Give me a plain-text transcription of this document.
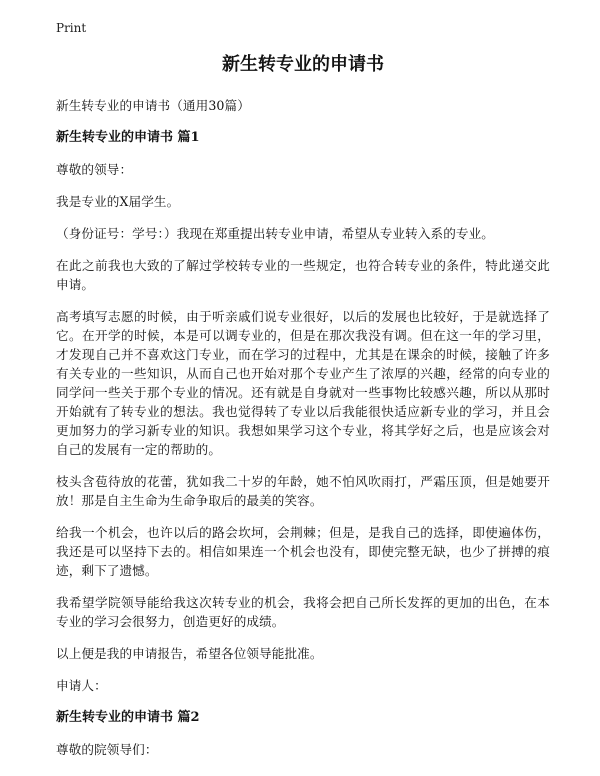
Print
新生转专业的申请书

新生转专业的申请书（通用30篇）

新生转专业的申请书 篇1

尊敬的领导：

我是专业的X届学生。

（身份证号：学号：）我现在郑重提出转专业申请，希望从专业转入系的专业。

在此之前我也大致的了解过学校转专业的一些规定，也符合转专业的条件，特此递交此申请。

高考填写志愿的时候，由于听亲戚们说专业很好，以后的发展也比较好，于是就选择了它。在开学的时候，本是可以调专业的，但是在那次我没有调。但在这一年的学习里，才发现自己并不喜欢这门专业，而在学习的过程中，尤其是在课余的时候，接触了许多有关专业的一些知识，从而自己也开始对那个专业产生了浓厚的兴趣，经常的向专业的同学问一些关于那个专业的情况。还有就是自身就对一些事物比较感兴趣，所以从那时开始就有了转专业的想法。我也觉得转了专业以后我能很快适应新专业的学习，并且会更加努力的学习新专业的知识。我想如果学习这个专业，将其学好之后，也是应该会对自己的发展有一定的帮助的。

枝头含苞待放的花蕾，犹如我二十岁的年龄，她不怕风吹雨打，严霜压顶，但是她要开放！那是自主生命为生命争取后的最美的笑容。

给我一个机会，也许以后的路会坎坷，会荆棘；但是，是我自己的选择，即使遍体伤，我还是可以坚持下去的。相信如果连一个机会也没有，即使完整无缺，也少了拼搏的痕迹，剩下了遗憾。

我希望学院领导能给我这次转专业的机会，我将会把自己所长发挥的更加的出色，在本专业的学习会很努力，创造更好的成绩。

以上便是我的申请报告，希望各位领导能批准。

申请人：

新生转专业的申请书 篇2

尊敬的院领导们：
